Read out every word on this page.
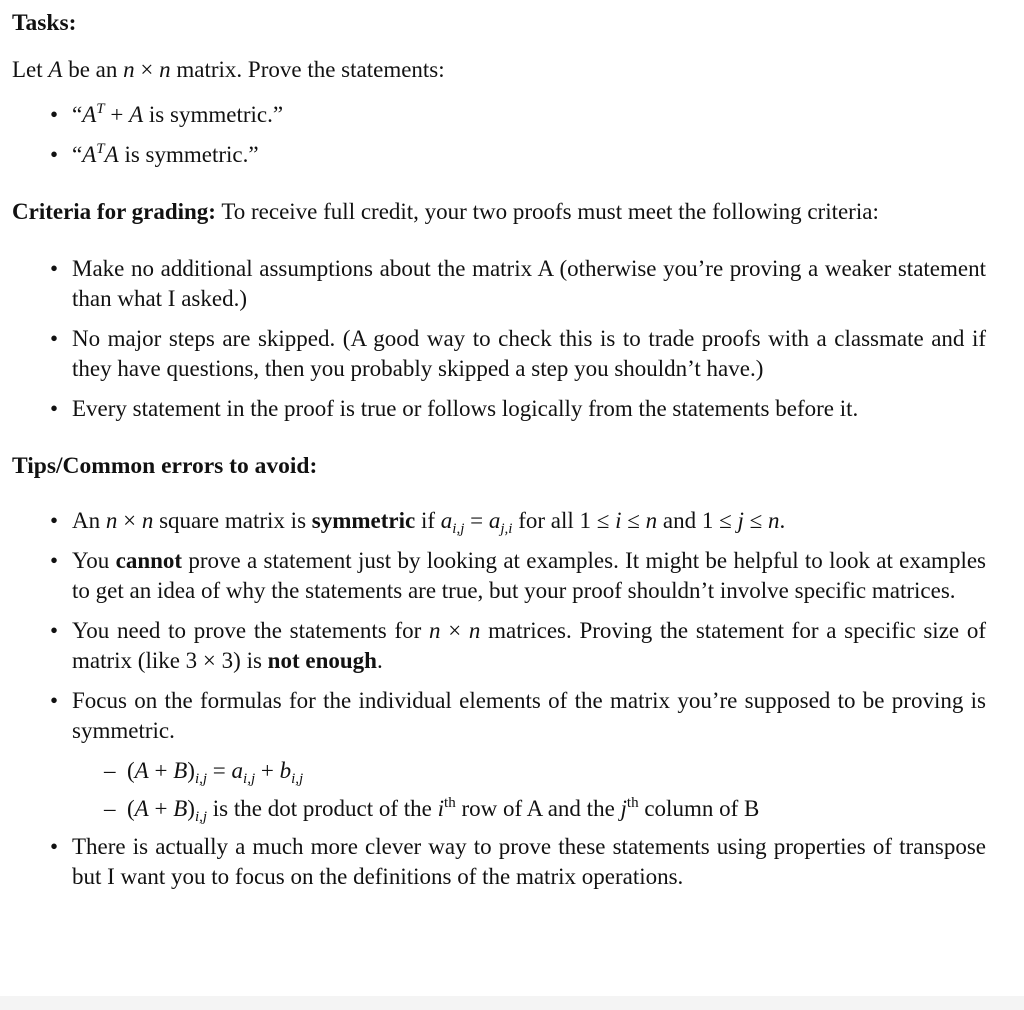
Tasks:

Let A be an n × n matrix. Prove the statements:

• “$A^T + A$ is symmetric.”
• “$A^TA$ is symmetric.”

Criteria for grading: To receive full credit, your two proofs must meet the following criteria:

• Make no additional assumptions about the matrix A (otherwise you’re proving a weaker statement than what I asked.)
• No major steps are skipped. (A good way to check this is to trade proofs with a classmate and if they have questions, then you probably skipped a step you shouldn’t have.)
• Every statement in the proof is true or follows logically from the statements before it.

Tips/Common errors to avoid:

• An n × n square matrix is symmetric if $a_{i,j} = a_{j,i}$ for all 1 ≤ i ≤ n and 1 ≤ j ≤ n.
• You cannot prove a statement just by looking at examples. It might be helpful to look at examples to get an idea of why the statements are true, but your proof shouldn’t involve specific matrices.
• You need to prove the statements for n × n matrices. Proving the statement for a specific size of matrix (like 3 × 3) is not enough.
• Focus on the formulas for the individual elements of the matrix you’re supposed to be proving is symmetric.
– $(A + B)_{i,j} = a_{i,j} + b_{i,j}$
– $(A + B)_{i,j}$ is the dot product of the $i^{th}$ row of A and the $j^{th}$ column of B
• There is actually a much more clever way to prove these statements using properties of transpose but I want you to focus on the definitions of the matrix operations.
